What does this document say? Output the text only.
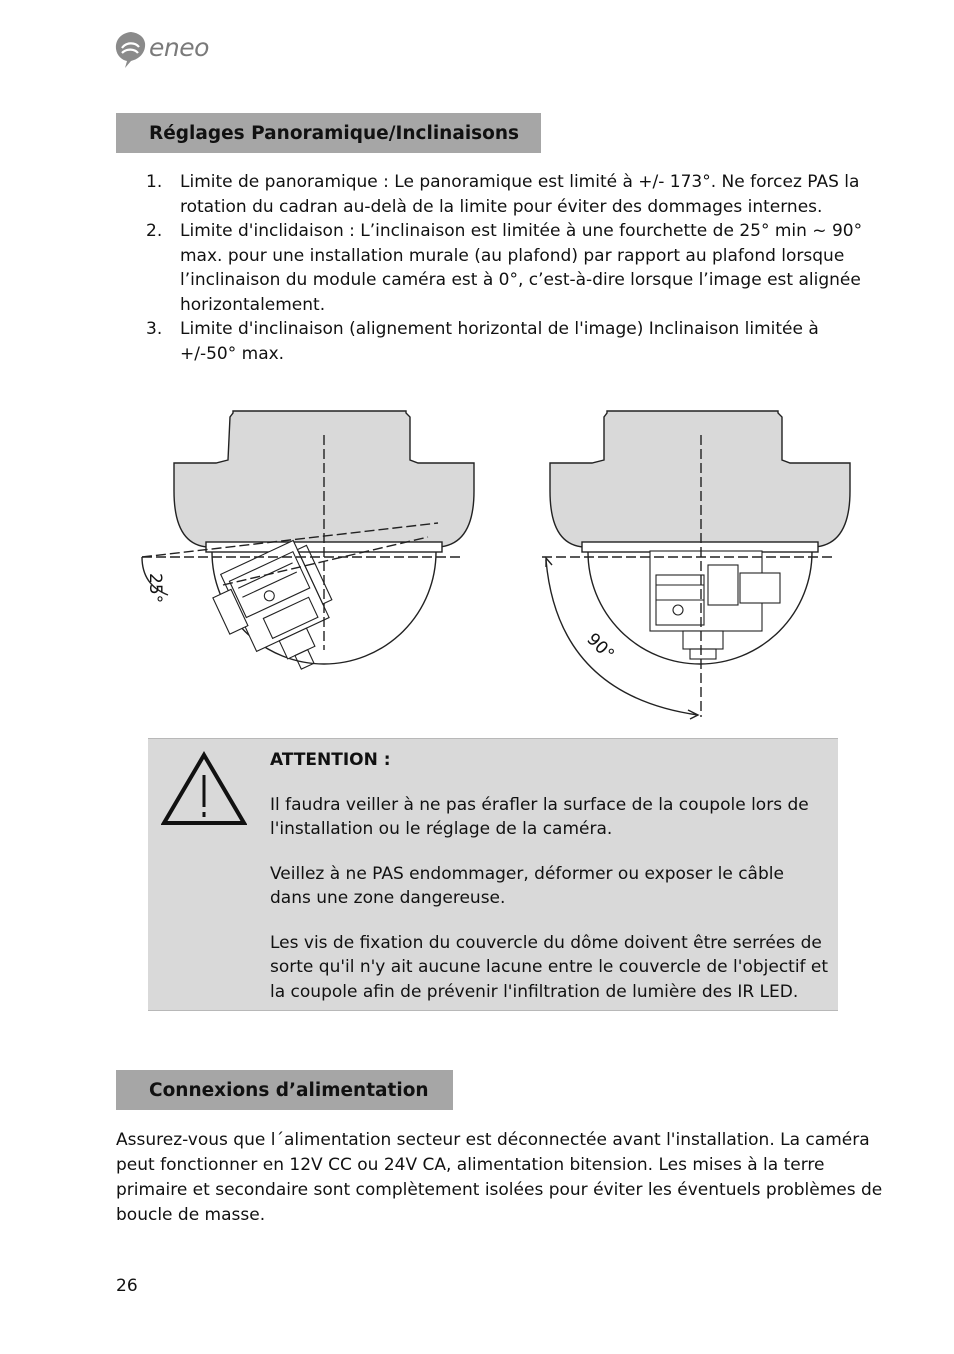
eneo
Réglages Panoramique/Inclinaisons
1. Limite de panoramique : Le panoramique est limité à +/- 173°. Ne forcez PAS la rotation du cadran au-delà de la limite pour éviter des dommages internes.
2. Limite d'inclidaison : L’inclinaison est limitée à une fourchette de 25° min ~ 90° max. pour une installation murale (au plafond) par rapport au plafond lorsque l’inclinaison du module caméra est à 0°, c’est-à-dire lorsque l’image est alignée horizontalement.
3. Limite d'inclinaison (alignement horizontal de l'image) Inclinaison limitée à +/-50° max.
25°
90°

ATTENTION :

Il faudra veiller à ne pas érafler la surface de la coupole lors de l'installation ou le réglage de la caméra.

Veillez à ne PAS endommager, déformer ou exposer le câble dans une zone dangereuse.

Les vis de fixation du couvercle du dôme doivent être serrées de sorte qu'il n'y ait aucune lacune entre le couvercle de l'objectif et la coupole afin de prévenir l'infiltration de lumière des IR LED.

Connexions d’alimentation
Assurez-vous que l´alimentation secteur est déconnectée avant l'installation. La caméra peut fonctionner en 12V CC ou 24V CA, alimentation bitension. Les mises à la terre primaire et secondaire sont complètement isolées pour éviter les éventuels problèmes de boucle de masse.
26
